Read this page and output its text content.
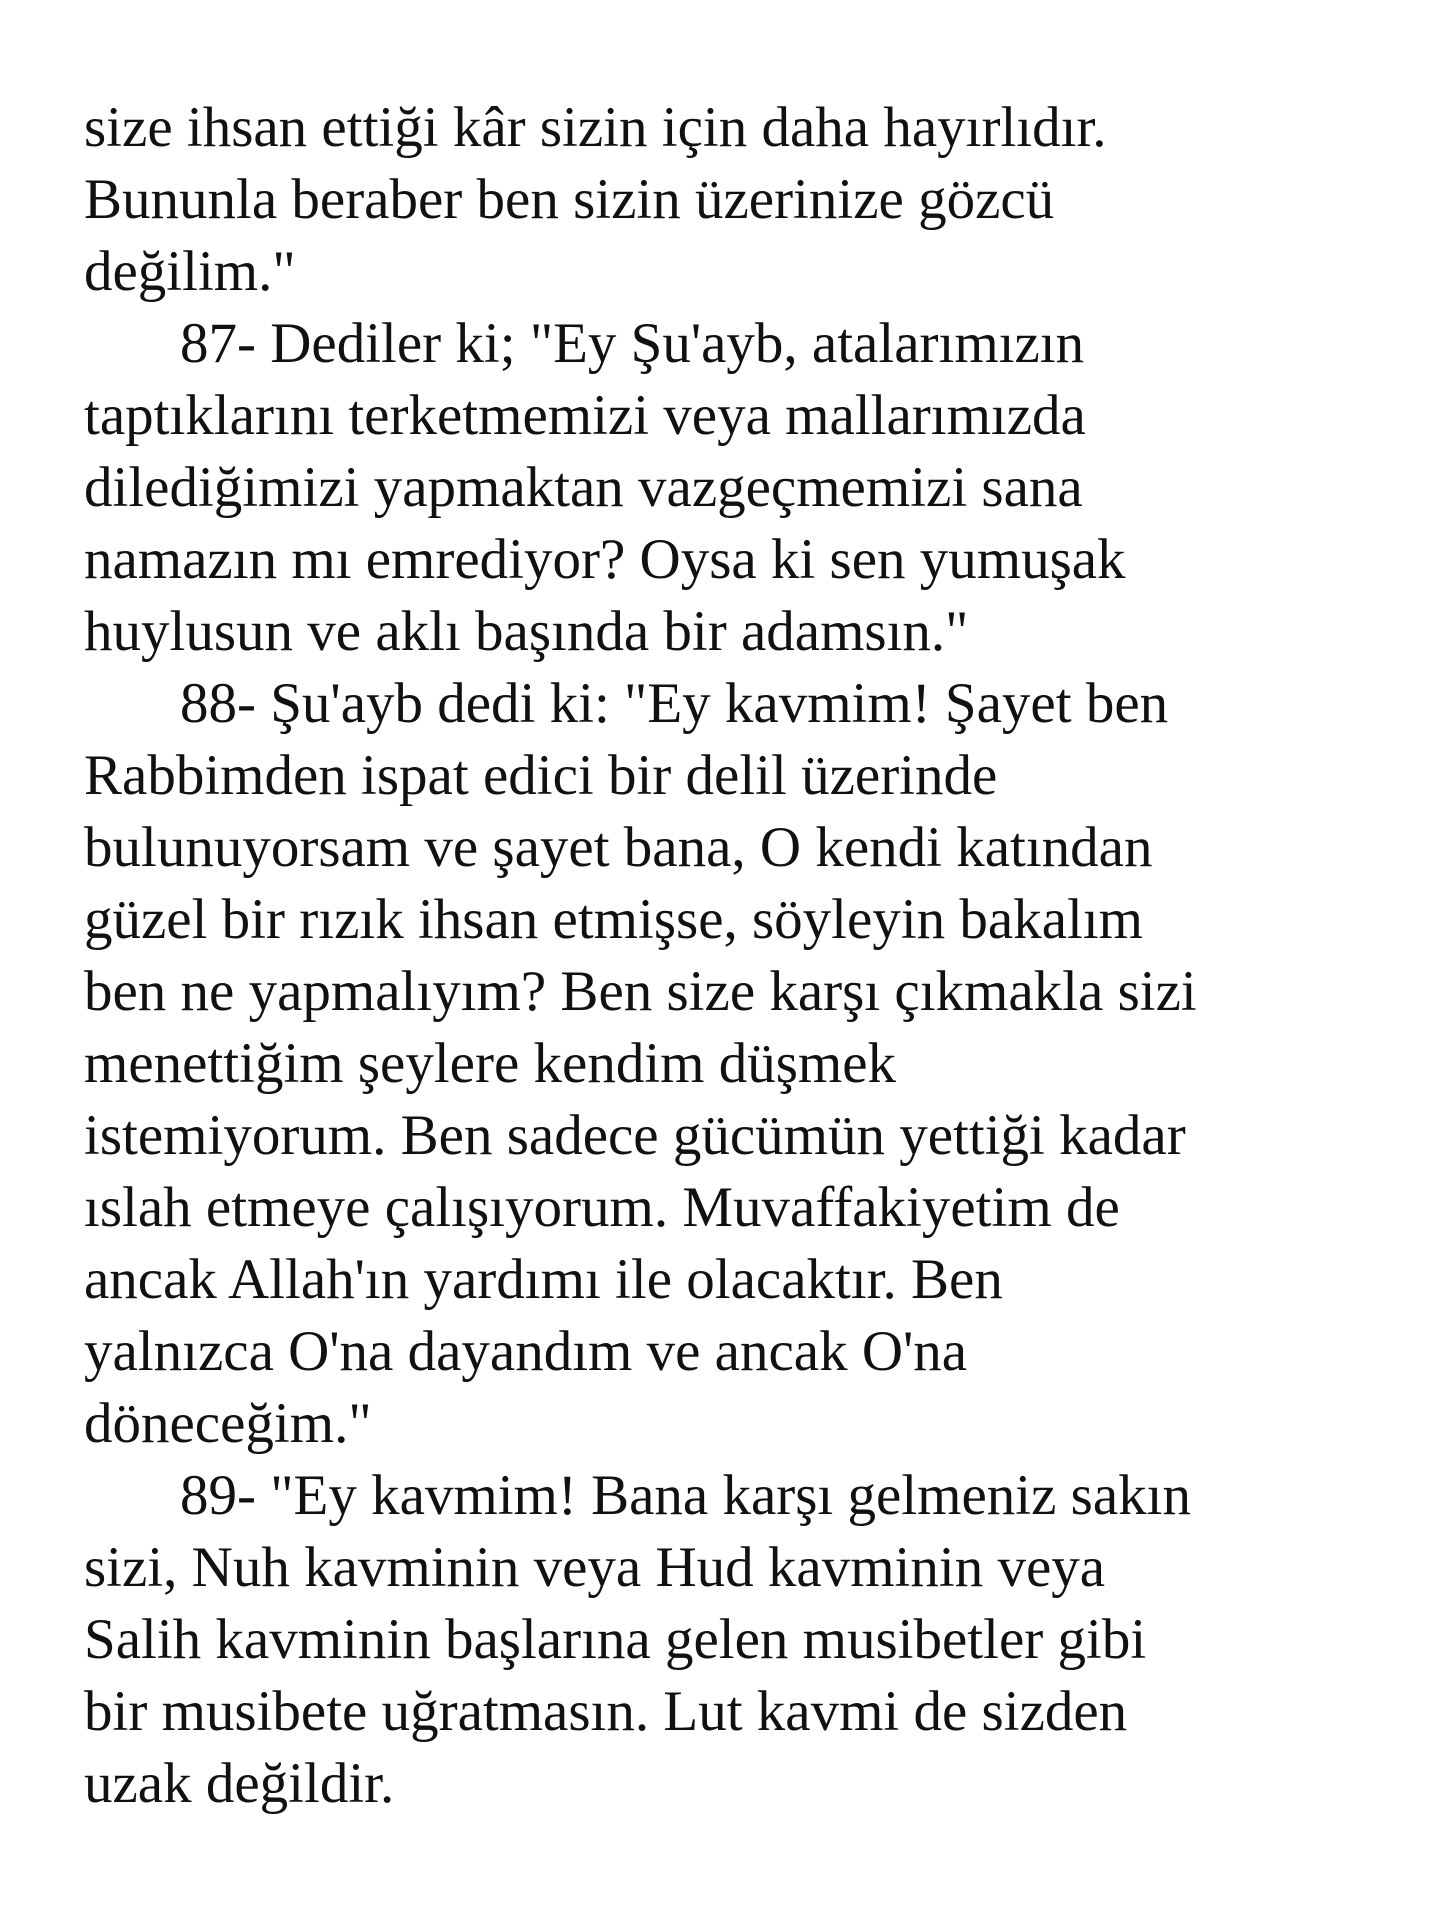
size ihsan ettiği kâr sizin için daha hayırlıdır.
Bununla beraber ben sizin üzerinize gözcü
değilim."
87- Dediler ki; "Ey Şu'ayb, atalarımızın
taptıklarını terketmemizi veya mallarımızda
dilediğimizi yapmaktan vazgeçmemizi sana
namazın mı emrediyor? Oysa ki sen yumuşak
huylusun ve aklı başında bir adamsın."
88- Şu'ayb dedi ki: "Ey kavmim! Şayet ben
Rabbimden ispat edici bir delil üzerinde
bulunuyorsam ve şayet bana, O kendi katından
güzel bir rızık ihsan etmişse, söyleyin bakalım
ben ne yapmalıyım? Ben size karşı çıkmakla sizi
menettiğim şeylere kendim düşmek
istemiyorum. Ben sadece gücümün yettiği kadar
ıslah etmeye çalışıyorum. Muvaffakiyetim de
ancak Allah'ın yardımı ile olacaktır. Ben
yalnızca O'na dayandım ve ancak O'na
döneceğim."
89- "Ey kavmim! Bana karşı gelmeniz sakın
sizi, Nuh kavminin veya Hud kavminin veya
Salih kavminin başlarına gelen musibetler gibi
bir musibete uğratmasın. Lut kavmi de sizden
uzak değildir.
